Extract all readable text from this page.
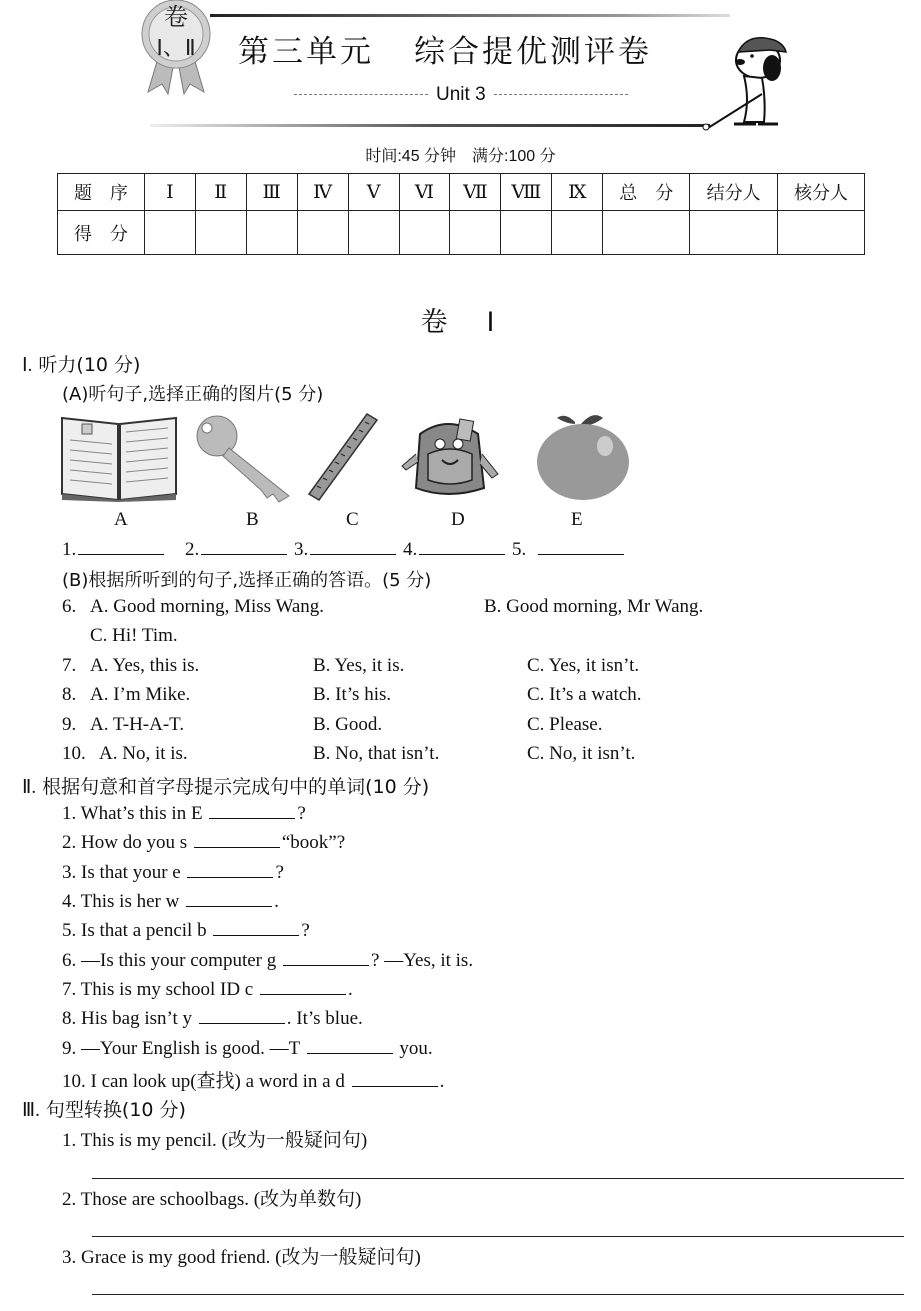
卷
Ⅰ、Ⅱ 第三单元 综合提优测评卷
Unit 3
时间:45 分钟　满分:100 分
题　序	Ⅰ	Ⅱ	Ⅲ	Ⅳ	Ⅴ	Ⅵ	Ⅶ	Ⅷ	Ⅸ	总　分	结分人	核分人
得　分												
卷　Ⅰ
Ⅰ. 听力(10 分)
(A)听句子,选择正确的图片(5 分)
A	B	C	D	E
1.	2.	3.	4.	5.
(B)根据所听到的句子,选择正确的答语。(5 分)
6. A. Good morning, Miss Wang.	B. Good morning, Mr Wang.
C. Hi! Tim.
7. A. Yes, this is.	B. Yes, it is.	C. Yes, it isn’t.
8. A. I’m Mike.	B. It’s his.	C. It’s a watch.
9. A. T-H-A-T.	B. Good.	C. Please.
10. A. No, it is.	B. No, that isn’t.	C. No, it isn’t.
Ⅱ. 根据句意和首字母提示完成句中的单词(10 分)
1. What’s this in E	?
2. How do you s	“book”?
3. Is that your e	?
4. This is her w	.
5. Is that a pencil b	?
6. —Is this your computer g	? —Yes, it is.
7. This is my school ID c	.
8. His bag isn’t y	. It’s blue.
9. —Your English is good. —T	you.
10. I can look up(查找) a word in a d	.
Ⅲ. 句型转换(10 分)
1. This is my pencil. (改为一般疑问句)
2. Those are schoolbags. (改为单数句)
3. Grace is my good friend. (改为一般疑问句)
